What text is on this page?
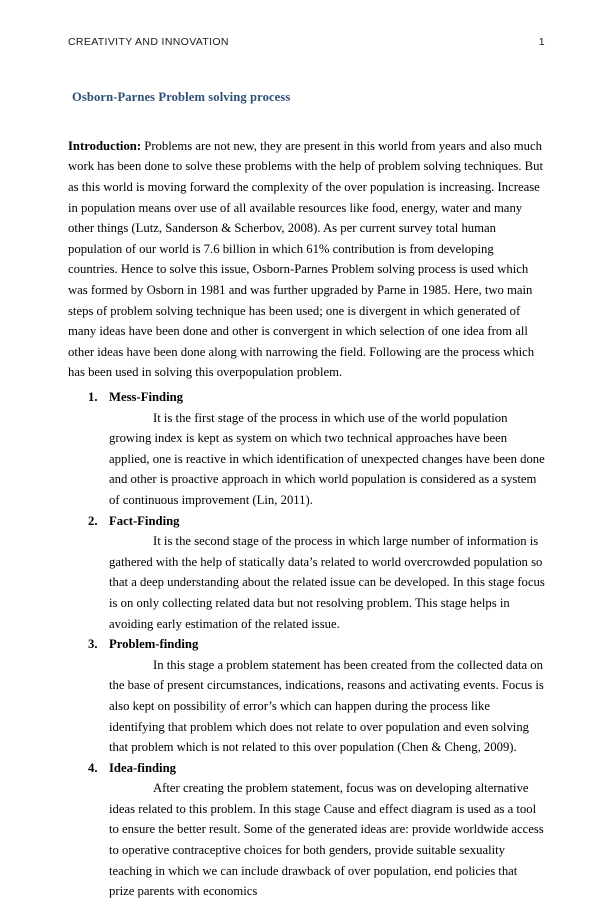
CREATIVITY AND INNOVATION	1
Osborn-Parnes Problem solving process

Introduction: Problems are not new, they are present in this world from years and also much work has been done to solve these problems with the help of problem solving techniques. But as this world is moving forward the complexity of the over population is increasing. Increase in population means over use of all available resources like food, energy, water and many other things (Lutz, Sanderson & Scherbov, 2008). As per current survey total human population of our world is 7.6 billion in which 61% contribution is from developing countries. Hence to solve this issue, Osborn-Parnes Problem solving process is used which was formed by Osborn in 1981 and was further upgraded by Parne in 1985. Here, two main steps of problem solving technique has been used; one is divergent in which generated of many ideas have been done and other is convergent in which selection of one idea from all other ideas have been done along with narrowing the field. Following are the process which has been used in solving this overpopulation problem.

Mess-Finding
It is the first stage of the process in which use of the world population growing index is kept as system on which two technical approaches have been applied, one is reactive in which identification of unexpected changes have been done and other is proactive approach in which world population is considered as a system of continuous improvement (Lin, 2011).
Fact-Finding
It is the second stage of the process in which large number of information is gathered with the help of statically data’s related to world overcrowded population so that a deep understanding about the related issue can be developed. In this stage focus is on only collecting related data but not resolving problem. This stage helps in avoiding early estimation of the related issue.
Problem-finding
In this stage a problem statement has been created from the collected data on the base of present circumstances, indications, reasons and activating events. Focus is also kept on possibility of error’s which can happen during the process like identifying that problem which does not relate to over population and even solving that problem which is not related to this over population (Chen & Cheng, 2009).
Idea-finding
After creating the problem statement, focus was on developing alternative ideas related to this problem. In this stage Cause and effect diagram is used as a tool to ensure the better result. Some of the generated ideas are: provide worldwide access to operative contraceptive choices for both genders, provide suitable sexuality teaching in which we can include drawback of over population, end policies that prize parents with economics
